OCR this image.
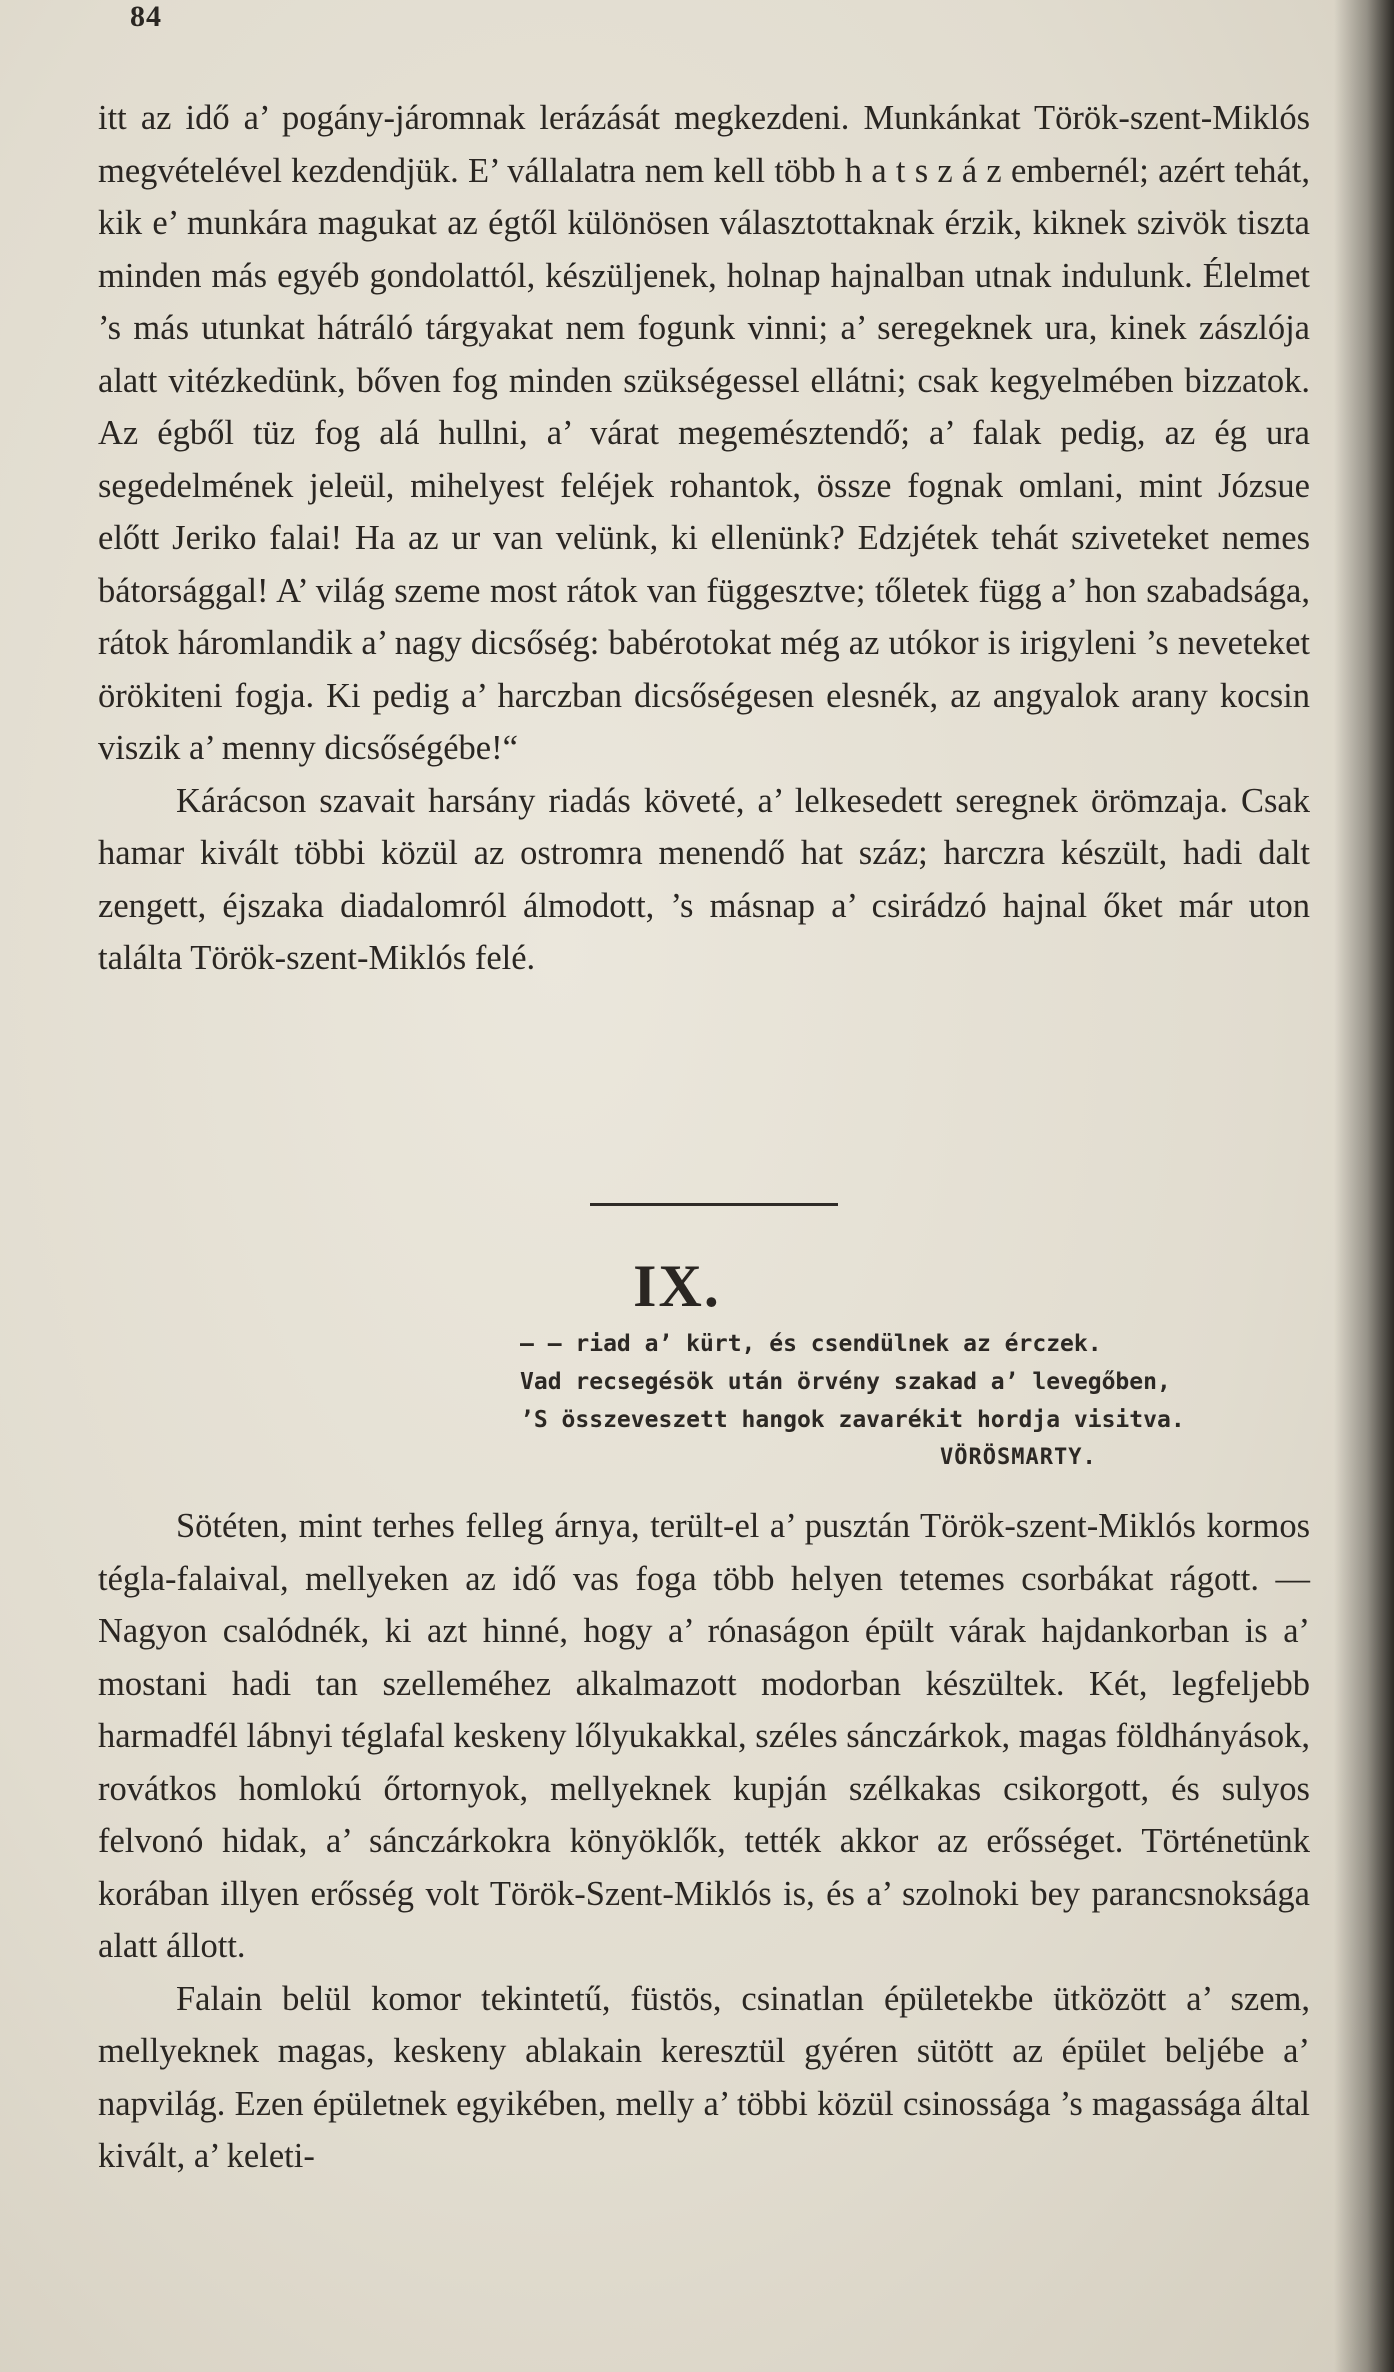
84

itt az idő a’ pogány-járomnak lerázását megkezdeni. Munkánkat Török-szent-Miklós megvételével kezdendjük. E’ vállalatra nem kell több h a t s z á z embernél; azért tehát, kik e’ munkára magukat az égtől különösen választottaknak érzik, kiknek szivök tiszta minden más egyéb gondolattól, készüljenek, holnap hajnalban utnak indulunk. Élelmet ’s más utunkat hátráló tárgyakat nem fogunk vinni; a’ seregeknek ura, kinek zászlója alatt vitézkedünk, bőven fog minden szükségessel ellátni; csak kegyelmében bizzatok. Az égből tüz fog alá hullni, a’ várat megemésztendő; a’ falak pedig, az ég ura segedelmének jeleül, mihelyest feléjek rohantok, össze fognak omlani, mint Józsue előtt Jeriko falai! Ha az ur van velünk, ki ellenünk? Edzjétek tehát sziveteket nemes bátorsággal! A’ világ szeme most rátok van függesztve; tőletek függ a’ hon szabadsága, rátok háromlandik a’ nagy dicsőség: babérotokat még az utókor is irigyleni ’s neveteket örökiteni fogja. Ki pedig a’ harczban dicsőségesen elesnék, az angyalok arany kocsin viszik a’ menny dicsőségébe!“

Kárácson szavait harsány riadás követé, a’ lelkesedett seregnek örömzaja. Csak hamar kivált többi közül az ostromra menendő hat száz; harczra készült, hadi dalt zengett, éjszaka diadalomról álmodott, ’s másnap a’ csirádzó hajnal őket már uton találta Török-szent-Miklós felé.

IX.
— — riad a’ kürt, és csendülnek az érczek.
Vad recsegésök után örvény szakad a’ levegőben,
’S összeveszett hangok zavarékit hordja visitva.
VÖRÖSMARTY.

Sötéten, mint terhes felleg árnya, terült-el a’ pusztán Török-szent-Miklós kormos tégla-falaival, mellyeken az idő vas foga több helyen tetemes csorbákat rágott. — Nagyon csalódnék, ki azt hinné, hogy a’ rónaságon épült várak hajdankorban is a’ mostani hadi tan szelleméhez alkalmazott modorban készültek. Két, legfeljebb harmadfél lábnyi téglafal keskeny lőlyukakkal, széles sánczárkok, magas földhányások, rovátkos homlokú őrtornyok, mellyeknek kupján szélkakas csikorgott, és sulyos felvonó hidak, a’ sánczárkokra könyöklők, tették akkor az erősséget. Történetünk korában illyen erősség volt Török-Szent-Miklós is, és a’ szolnoki bey parancsnoksága alatt állott.

Falain belül komor tekintetű, füstös, csinatlan épületekbe ütközött a’ szem, mellyeknek magas, keskeny ablakain keresztül gyéren sütött az épület beljébe a’ napvilág. Ezen épületnek egyikében, melly a’ többi közül csinossága ’s magassága által kivált, a’ keleti-
